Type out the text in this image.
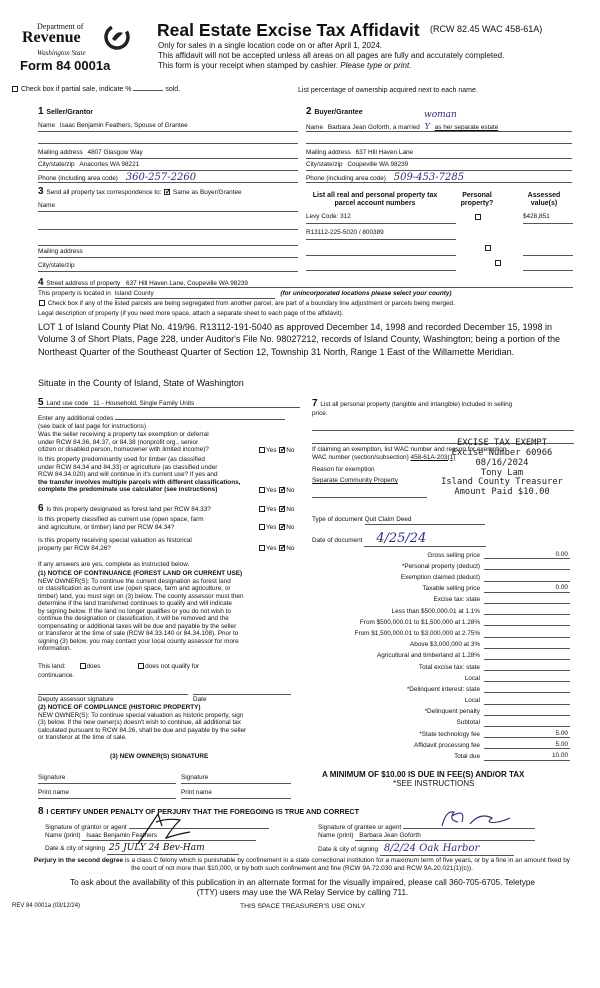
Department of
Revenue
Washington State
Form 84 0001a
Real Estate Excise Tax Affidavit (RCW 82.45 WAC 458-61A)
Only for sales in a single location code on or after April 1, 2024.
This affidavit will not be accepted unless all areas on all pages are fully and accurately completed.
This form is your receipt when stamped by cashier. Please type or print.
Check box if partial sale, indicate %	sold.	List percentage of ownership acquired next to each name.
1 Seller/Grantor
Name Isaac Benjamin Feathers, Spouse of Grantee
Mailing address 4807 Glasgow Way
City/state/zip Anacortes WA 98221
Phone (including area code) 360-257-2260
2 Buyer/Grantee	woman
Name Barbara Jean Goforth, a married Y as her separate estate
Mailing address 637 Hill Haven Lane
City/state/zip Coupeville WA 98239
Phone (including area code) 509-453-7285
3 Send all property tax correspondence to: ✓ Same as Buyer/Grantee
Name
Mailing address
City/state/zip
List all real and personal property tax
parcel account numbers
Personal
property?
Assessed
value(s)
Levy Code: 312
	$428,851
R13112-225-5020 / 800389

4 Street address of property 637 Hill Haven Lane, Coupeville WA 98239
This property is located in Island County	(for unincorporated locations please select your county)
Check box if any of the listed parcels are being segregated from another parcel, are part of a boundary line adjustment or parcels being merged.
Legal description of property (if you need more space, attach a separate sheet to each page of the affidavit).
LOT 1 of Island County Plat No. 419/96. R13112-191-5040 as approved December 14, 1998 and recorded December 15, 1998 in Volume 3 of Short Plats, Page 228, under Auditor's File No. 98027212, records of Island County, Washington; being a portion of the Northeast Quarter of the Southeast Quarter of Section 12, Township 31 North, Range 1 East of the Willamette Meridian.
Situate in the County of Island, State of Washington
5 Land use code 11 - Household, Single Family Units
Enter any additional codes
(see back of last page for instructions)
Was the seller receiving a property tax exemption or deferral
under RCW 84.36, 84.37, or 84.38 (nonprofit org., senior
citizen or disabled person, homeowner with limited income)?	Yes ✓ No
Is this property predominantly used for timber (as classified
under RCW 84.34 and 84.33) or agriculture (as classified under
RCW 84.34.020) and will continue in it's current use? If yes and
the transfer involves multiple parcels with different classifications,
complete the predominate use calculator (see instructions)	Yes ✓ No
6 Is this property designated as forest land per RCW 84.33?	Yes ✓ No
Is this property classified as current use (open space, farm
and agriculture, or timber) land per RCW 84.34?	Yes ✓ No
Is this property receiving special valuation as historical
property per RCW 84.26?	Yes ✓ No
If any answers are yes, complete as instructed below.
(1) NOTICE OF CONTINUANCE (FOREST LAND OR CURRENT USE)
NEW OWNER(S): To continue the current designation as forest land
or classification as current use (open space, farm and agriculture, or
timber) land, you must sign on (3) below. The county assessor must then
determine if the land transferred continues to qualify and will indicate
by signing below. If the land no longer qualifies or you do not wish to
continue the designation or classification, it will be removed and the
compensating or additional taxes will be due and payable by the seller
or transferor at the time of sale (RCW 84.33.140 or 84.34.108). Prior to
signing (3) below, you may contact your local county assessor for more
information.
This land:	does	does not qualify for
continuance.
Deputy assessor signature	Date
(2) NOTICE OF COMPLIANCE (HISTORIC PROPERTY)
NEW OWNER(S): To continue special valuation as historic property, sign
(3) below. If the new owner(s) doesn't wish to continue, all additional tax
calculated pursuant to RCW 84.26, shall be due and payable by the seller
or transferor at the time of sale.
(3) NEW OWNER(S) SIGNATURE
Signature	Signature
Print name	Print name
7 List all personal property (tangible and intangible) included in selling
price.
If claiming an exemption, list WAC number and reason for exemption.
WAC number (section/subsection) 458-61A-203(1)
Reason for exemption
Separate Community Property
EXCISE TAX EXEMPT
Excise Number 60966
08/16/2024
Tony Lam
Island County Treasurer
Amount Paid $10.00
Type of document Quit Claim Deed
Date of document 4/25/24
Gross selling price	0.00
*Personal property (deduct)
Exemption claimed (deduct)
Taxable selling price	0.00
Excise tax: state
Less than $500,000.01 at 1.1%
From $500,000.01 to $1,500,000 at 1.28%
From $1,500,000.01 to $3,000,000 at 2.75%
Above $3,000,000 at 3%
Agricultural and timberland at 1.28%
Total excise tax: state
Local
*Delinquent interest: state
Local
*Delinquent penalty
Subtotal
*State technology fee	5.00
Affidavit processing fee	5.00
Total due	10.00
A MINIMUM OF $10.00 IS DUE IN FEE(S) AND/OR TAX
*SEE INSTRUCTIONS
8 I CERTIFY UNDER PENALTY OF PERJURY THAT THE FOREGOING IS TRUE AND CORRECT
Signature of grantor or agent
Name (print) Isaac Benjamin Feathers
Date & city of signing 25 JULY 24 Bev-Ham
Signature of grantee or agent
Name (print) Barbara Jean Goforth
Date & city of signing 8/2/24 Oak Harbor
Perjury in the second degree is a class C felony which is punishable by confinement in a state correctional institution for a maximum term of five years, or by a fine in an amount fixed by the court of not more than $10,000, or by both such confinement and fine (RCW 9A.72.030 and RCW 9A.20.021(1)(c)).
To ask about the availability of this publication in an alternate format for the visually impaired, please call 360-705-6705. Teletype
(TTY) users may use the WA Relay Service by calling 711.
REV 84 0001a (03/12/24)	THIS SPACE TREASURER'S USE ONLY
